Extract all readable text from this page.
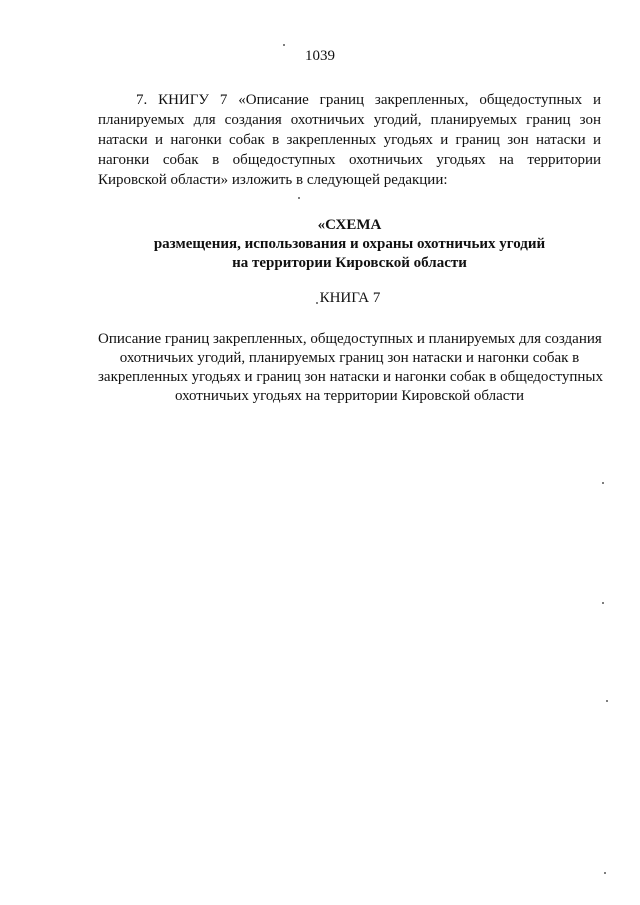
1039

7. КНИГУ 7 «Описание границ закрепленных, общедоступных и планируемых для создания охотничьих угодий, планируемых границ зон натаски и нагонки собак в закрепленных угодьях и границ зон натаски и нагонки собак в общедоступных охотничьих угодьях на территории Кировской области» изложить в следующей редакции:

«СХЕМА
размещения, использования и охраны охотничьих угодий
на территории Кировской области
КНИГА 7
Описание границ закрепленных, общедоступных и планируемых для создания
охотничьих угодий, планируемых границ зон натаски и нагонки собак в
закрепленных угодьях и границ зон натаски и нагонки собак в общедоступных
охотничьих угодьях на территории Кировской области
